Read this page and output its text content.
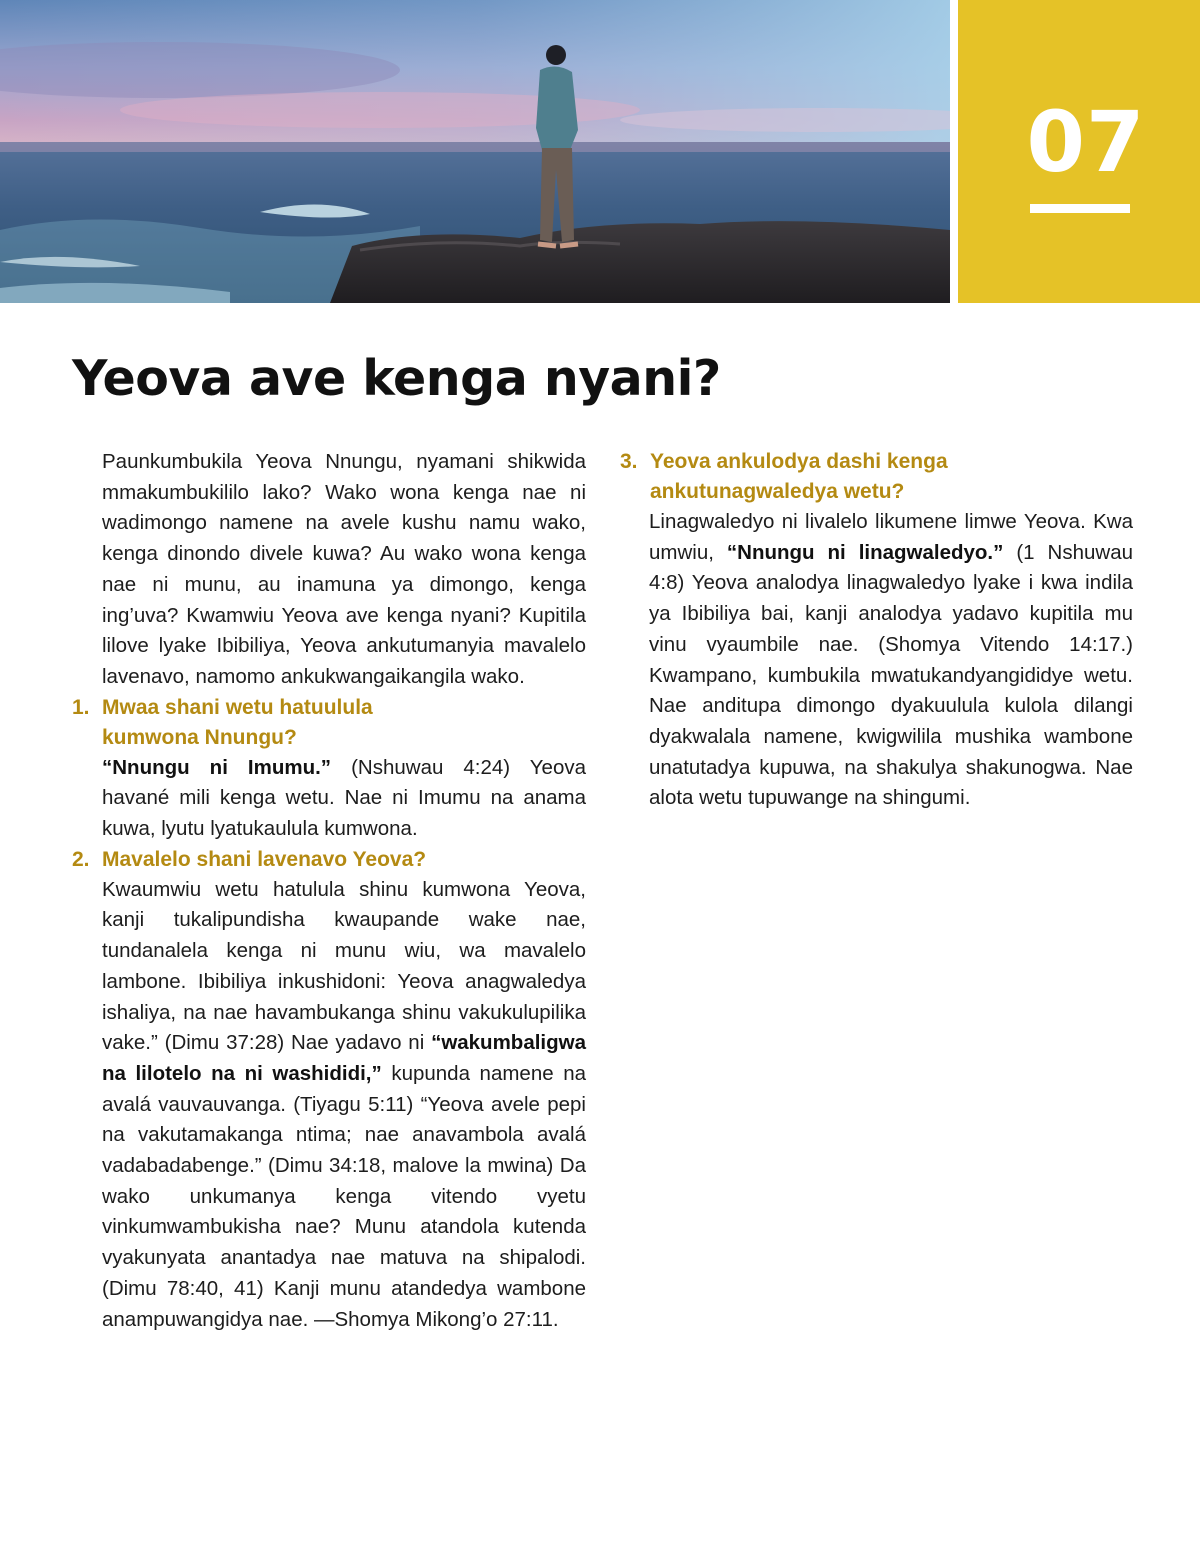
07
Yeova ave kenga nyani?

Paunkumbukila Yeova Nnungu, nyamani shikwida mmakumbukililo lako? Wako wona kenga nae ni wadimongo namene na avele kushu namu wako, kenga dinondo divele kuwa? Au wako wona kenga nae ni munu, au inamuna ya dimongo, kenga ing’uva? Kwamwiu Yeova ave kenga nyani? Kupitila lilove lyake Ibibiliya, Yeova ankutumanyia mavalelo lavenavo, namomo ankukwangaikangila wako.

1. Mwaa shani wetu hatuulula
kumwona Nnungu?

“Nnungu ni Imumu.” (Nshuwau 4:24) Yeova havané mili kenga wetu. Nae ni Imumu na anama kuwa, lyutu lyatukaulula kumwona.

2. Mavalelo shani lavenavo Yeova?

Kwaumwiu wetu hatulula shinu kumwona Yeova, kanji tukalipundisha kwaupande wake nae, tundanalela kenga ni munu wiu, wa mavalelo lambone. Ibibiliya inkushidoni: Yeova anagwaledya ishaliya, na nae havambukanga shinu vakukulupilika vake.” (Dimu 37:28) Nae yadavo ni “wakumbaligwa na lilotelo na ni washididi,” kupunda namene na avalá vauvauvanga. (Tiyagu 5:11) “Yeova avele pepi na vakutamakanga ntima; nae anavambola avalá vadabadabenge.” (Dimu 34:18, malove la mwina) Da wako unkumanya kenga vitendo vyetu vinkumwambukisha nae? Munu atandola kutenda vyakunyata anantadya nae matuva na shipalodi. (Dimu 78:40, 41) Kanji munu atandedya wambone anampuwangidya nae. —Shomya Mikong’o 27:11.

3. Yeova ankulodya dashi kenga
ankutunagwaledya wetu?

Linagwaledyo ni livalelo likumene limwe Yeova. Kwa umwiu, “Nnungu ni linagwaledyo.” (1 Nshuwau 4:8) Yeova analodya linagwaledyo lyake i kwa indila ya Ibibiliya bai, kanji analodya yadavo kupitila mu vinu vyaumbile nae. (Shomya Vitendo 14:17.) Kwampano, kumbukila mwatukandyangididye wetu. Nae anditupa dimongo dyakuulula kulola dilangi dyakwalala namene, kwigwilila mushika wambone unatutadya kupuwa, na shakulya shakunogwa. Nae alota wetu tupuwange na shingumi.
